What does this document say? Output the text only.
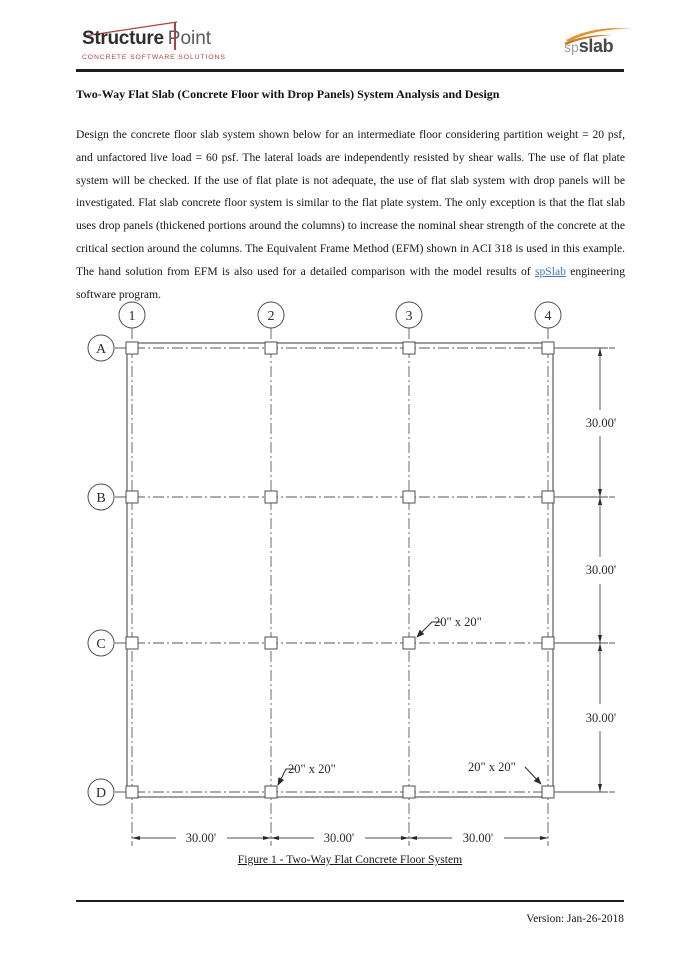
Structure Point
CONCRETE SOFTWARE SOLUTIONS
spslab
Two-Way Flat Slab (Concrete Floor with Drop Panels) System Analysis and Design
Design the concrete floor slab system shown below for an intermediate floor considering partition weight = 20 psf, and unfactored live load = 60 psf. The lateral loads are independently resisted by shear walls. The use of flat plate system will be checked. If the use of flat plate is not adequate, the use of flat slab system with drop panels will be investigated. Flat slab concrete floor system is similar to the flat plate system. The only exception is that the flat slab uses drop panels (thickened portions around the columns) to increase the nominal shear strength of the concrete at the critical section around the columns. The Equivalent Frame Method (EFM) shown in ACI 318 is used in this example. The hand solution from EFM is also used for a detailed comparison with the model results of spSlab engineering software program.
1	2	3	4
A
B
C
D
30.00'
30.00'
30.00'
30.00'	30.00'	30.00'
20" x 20"
20" x 20"	20" x 20"
Figure 1 - Two-Way Flat Concrete Floor System
Version: Jan-26-2018
